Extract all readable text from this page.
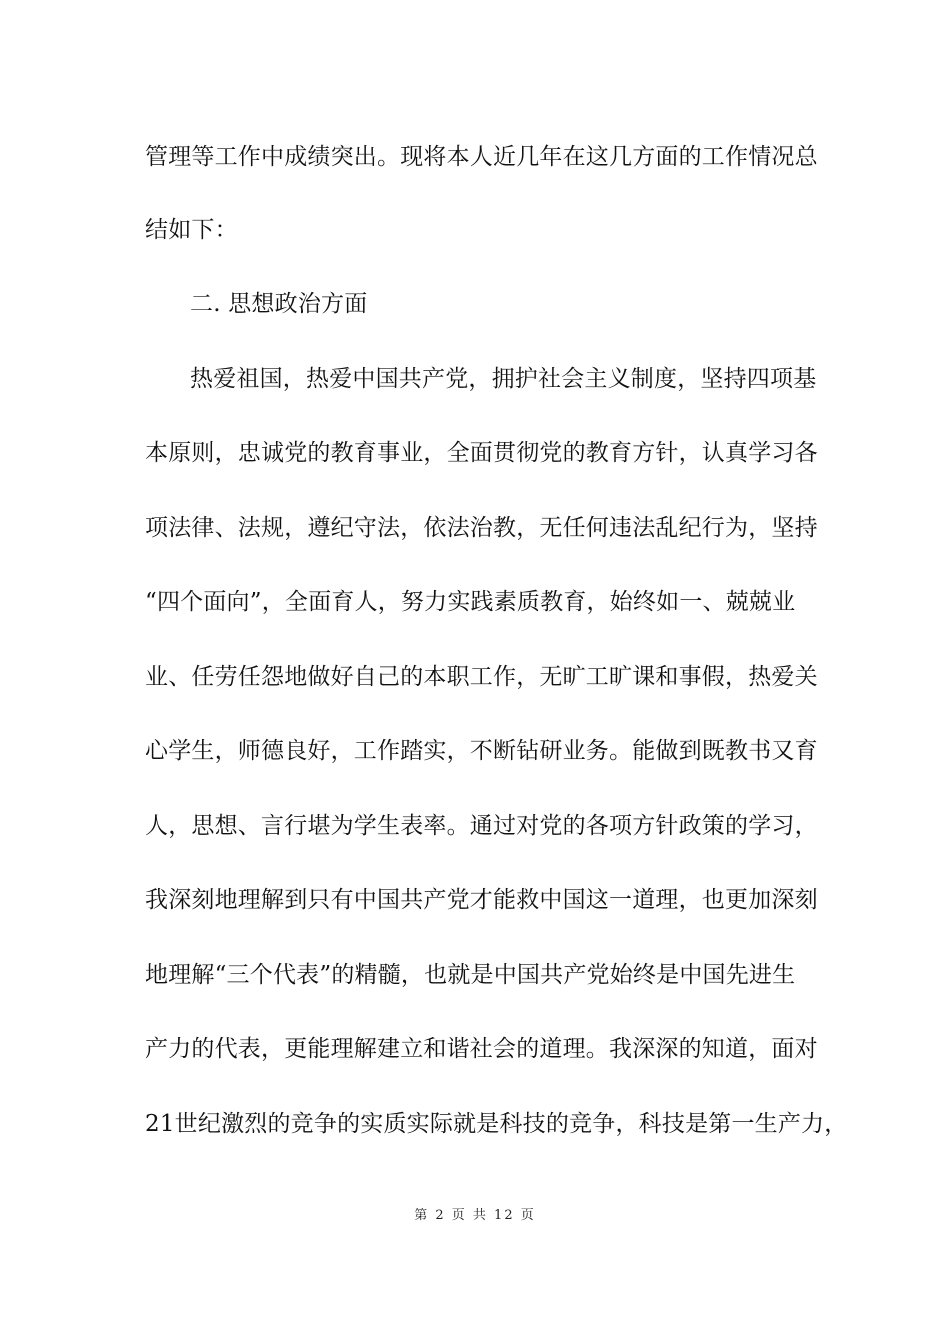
管理等工作中成绩突出。现将本人近几年在这几方面的工作情况总
结如下：
二. 思想政治方面
热爱祖国，热爱中国共产党，拥护社会主义制度，坚持四项基
本原则，忠诚党的教育事业，全面贯彻党的教育方针，认真学习各
项法律、法规，遵纪守法，依法治教，无任何违法乱纪行为，坚持
“四个面向”，全面育人，努力实践素质教育，始终如一、兢兢业
业、任劳任怨地做好自己的本职工作，无旷工旷课和事假，热爱关
心学生，师德良好，工作踏实，不断钻研业务。能做到既教书又育
人，思想、言行堪为学生表率。通过对党的各项方针政策的学习，
我深刻地理解到只有中国共产党才能救中国这一道理，也更加深刻
地理解“三个代表”的精髓，也就是中国共产党始终是中国先进生
产力的代表，更能理解建立和谐社会的道理。我深深的知道，面对
21世纪激烈的竞争的实质实际就是科技的竞争，科技是第一生产力，
第 2 页 共 12 页
